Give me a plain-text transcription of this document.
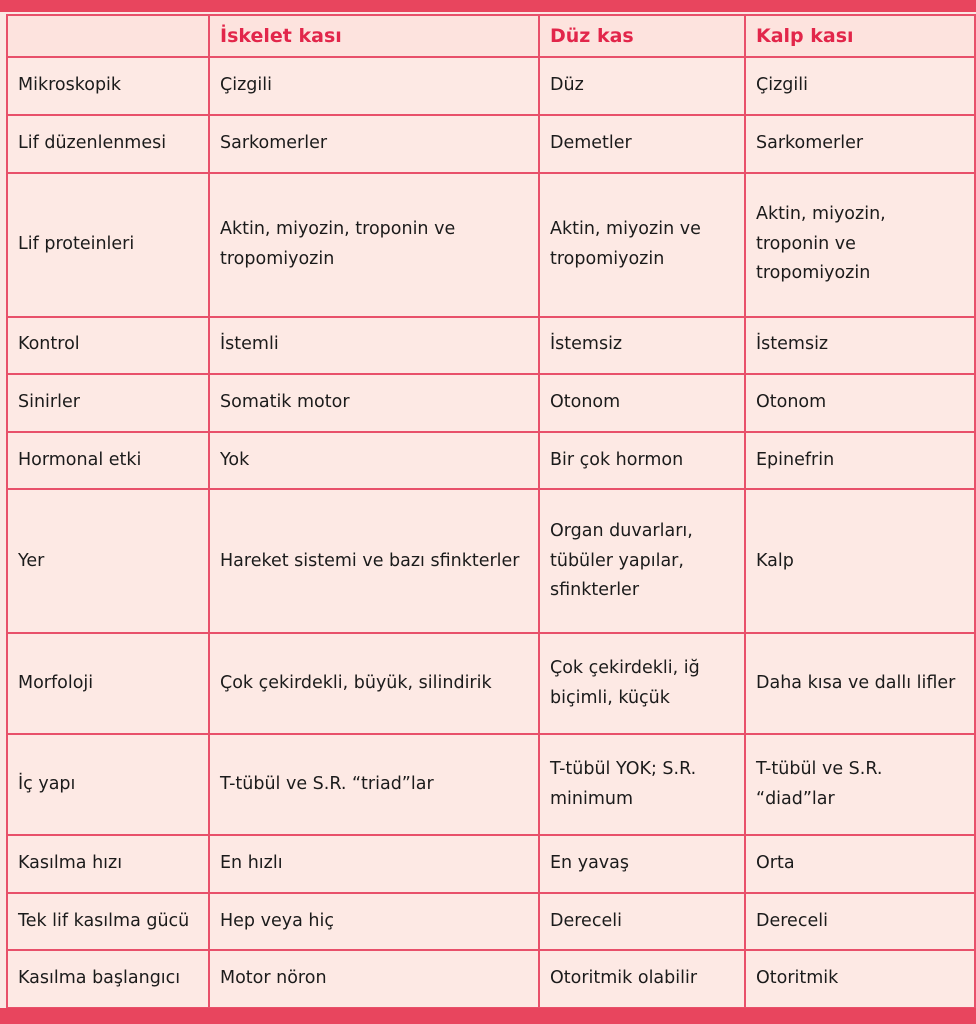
	İskelet kası	Düz kas	Kalp kası
Mikroskopik	Çizgili	Düz	Çizgili
Lif düzenlenmesi	Sarkomerler	Demetler	Sarkomerler
Lif proteinleri	Aktin, miyozin, troponin ve tropomiyozin	Aktin, miyozin ve tropomiyozin	Aktin, miyozin, troponin ve tropomiyozin
Kontrol	İstemli	İstemsiz	İstemsiz
Sinirler	Somatik motor	Otonom	Otonom
Hormonal etki	Yok	Bir çok hormon	Epinefrin
Yer	Hareket sistemi ve bazı sfinkterler	Organ duvarları, tübüler yapılar, sfinkterler	Kalp
Morfoloji	Çok çekirdekli, büyük, silindirik	Çok çekirdekli, iğ biçimli, küçük	Daha kısa ve dallı lifler
İç yapı	T-tübül ve S.R. “triad”lar	T-tübül YOK; S.R. minimum	T-tübül ve S.R. “diad”lar
Kasılma hızı	En hızlı	En yavaş	Orta
Tek lif kasılma gücü	Hep veya hiç	Dereceli	Dereceli
Kasılma başlangıcı	Motor nöron	Otoritmik olabilir	Otoritmik
